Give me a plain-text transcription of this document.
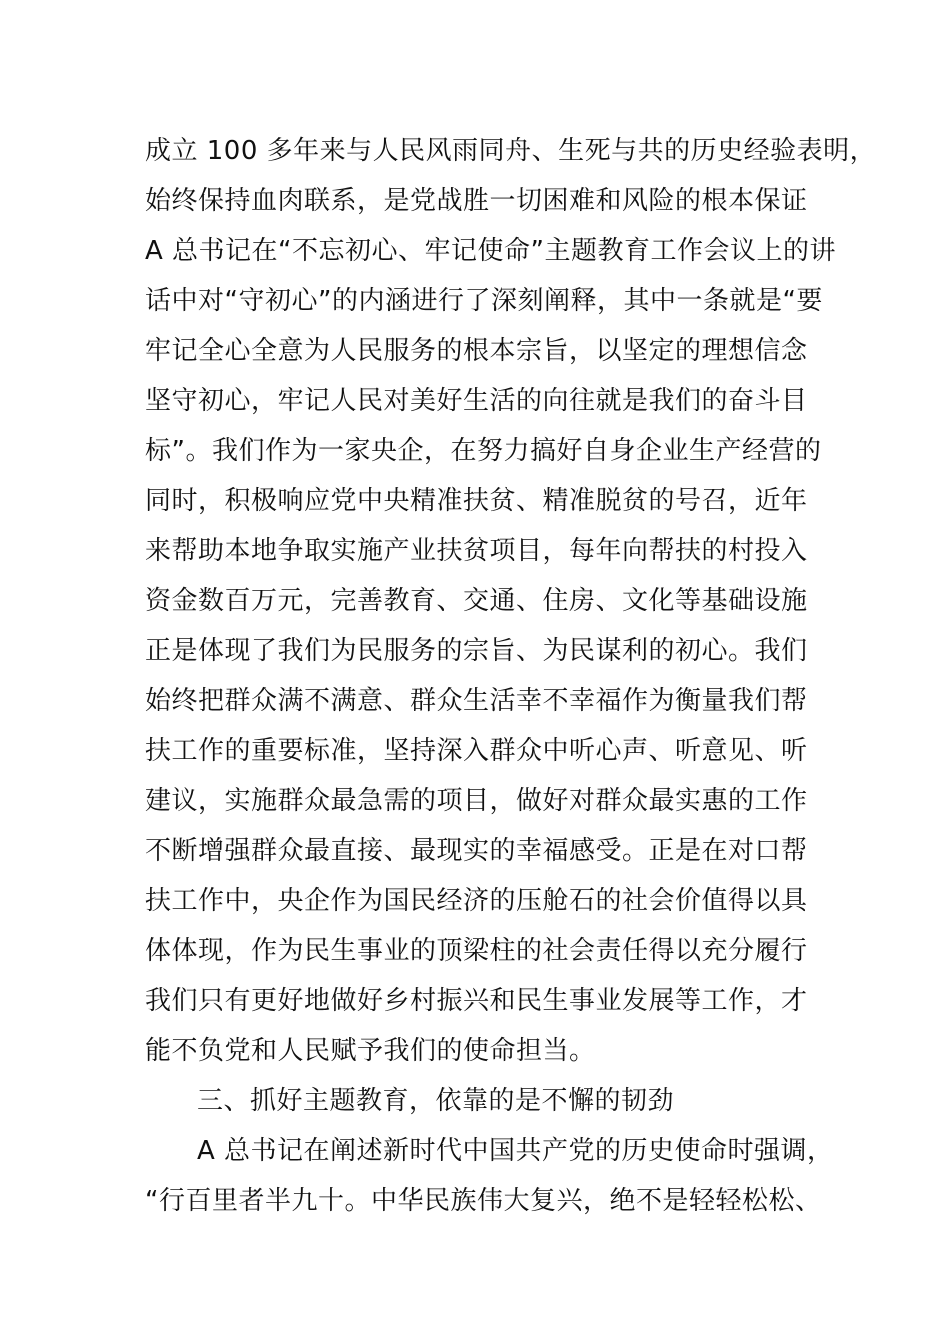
成立 100 多年来与人民风雨同舟、生死与共的历史经验表明，
始终保持血肉联系，是党战胜一切困难和风险的根本保证
A 总书记在“不忘初心、牢记使命”主题教育工作会议上的讲
话中对“守初心”的内涵进行了深刻阐释，其中一条就是“要
牢记全心全意为人民服务的根本宗旨，以坚定的理想信念
坚守初心，牢记人民对美好生活的向往就是我们的奋斗目
标”。我们作为一家央企，在努力搞好自身企业生产经营的
同时，积极响应党中央精准扶贫、精准脱贫的号召，近年
来帮助本地争取实施产业扶贫项目，每年向帮扶的村投入
资金数百万元，完善教育、交通、住房、文化等基础设施
正是体现了我们为民服务的宗旨、为民谋利的初心。我们
始终把群众满不满意、群众生活幸不幸福作为衡量我们帮
扶工作的重要标准，坚持深入群众中听心声、听意见、听
建议，实施群众最急需的项目，做好对群众最实惠的工作
不断增强群众最直接、最现实的幸福感受。正是在对口帮
扶工作中，央企作为国民经济的压舱石的社会价值得以具
体体现，作为民生事业的顶梁柱的社会责任得以充分履行
我们只有更好地做好乡村振兴和民生事业发展等工作，才
能不负党和人民赋予我们的使命担当。
三、抓好主题教育，依靠的是不懈的韧劲
A 总书记在阐述新时代中国共产党的历史使命时强调，
“行百里者半九十。中华民族伟大复兴，绝不是轻轻松松、
